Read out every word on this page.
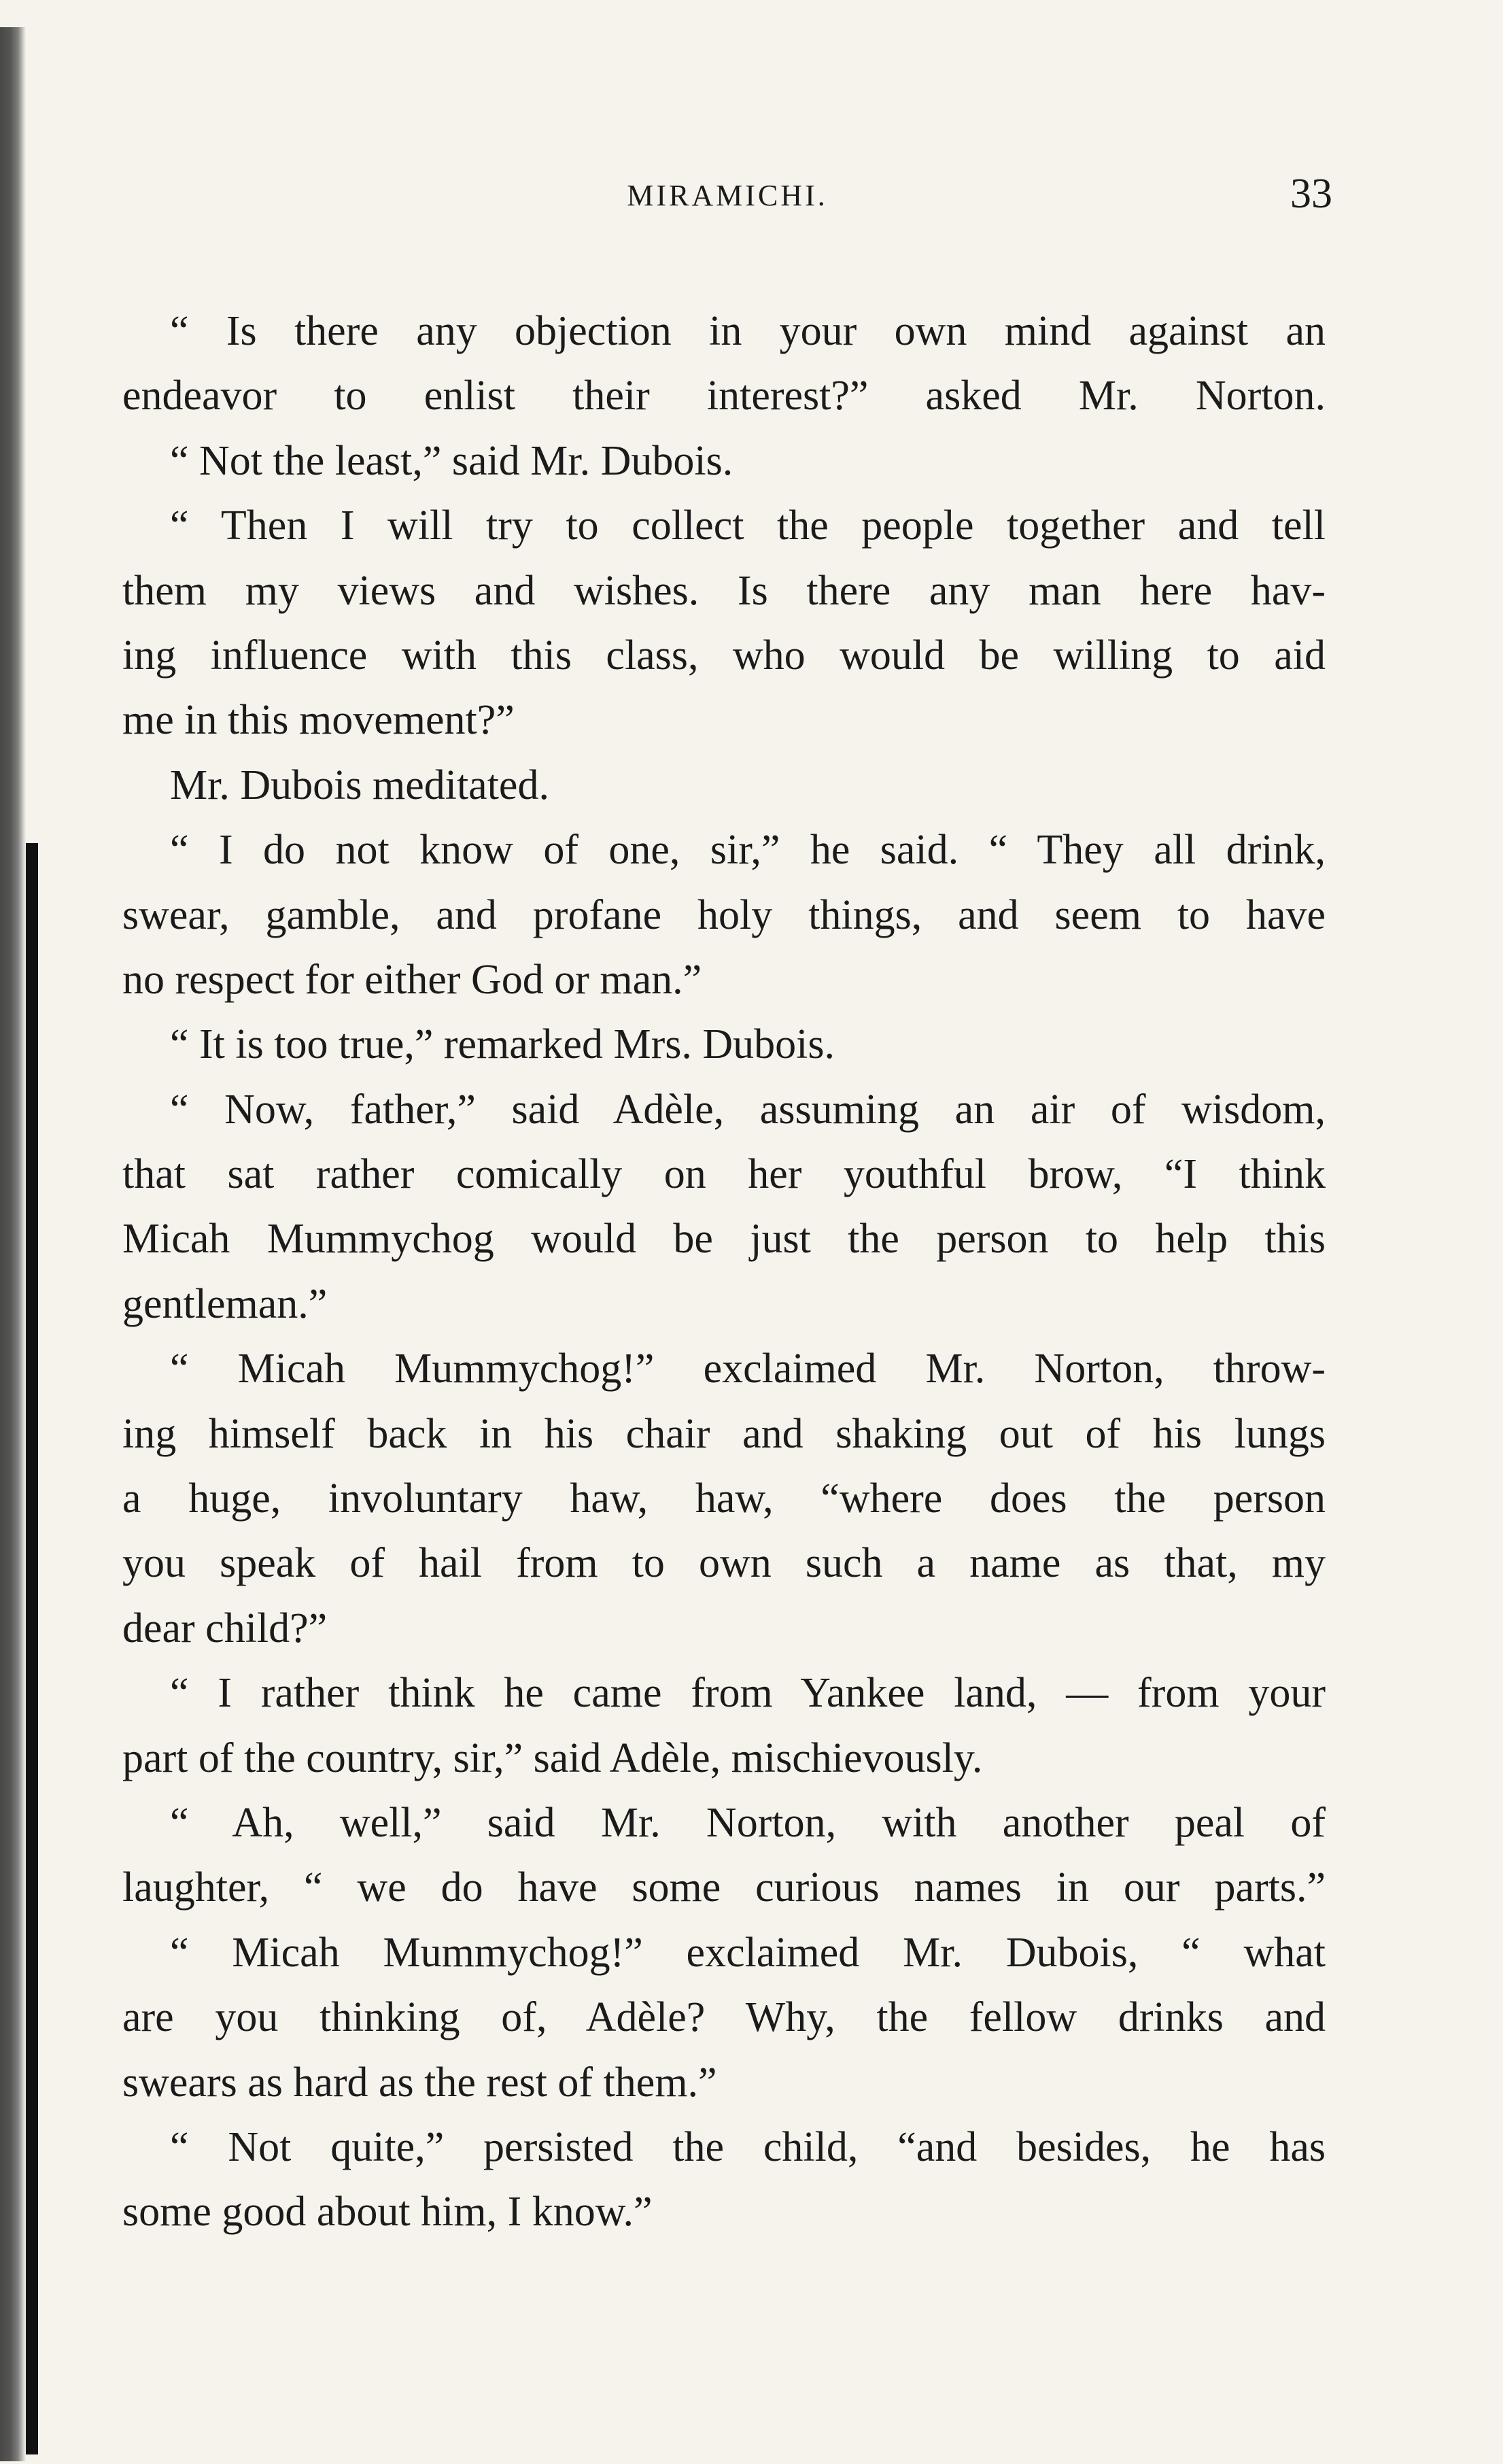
MIRAMICHI.	33
“ Is there any objection in your own mind against an
endeavor to enlist their interest?” asked Mr. Norton.
“ Not the least,” said Mr. Dubois.
“ Then I will try to collect the people together and tell
them my views and wishes. Is there any man here hav-
ing influence with this class, who would be willing to aid
me in this movement?”
Mr. Dubois meditated.
“ I do not know of one, sir,” he said. “ They all drink,
swear, gamble, and profane holy things, and seem to have
no respect for either God or man.”
“ It is too true,” remarked Mrs. Dubois.
“ Now, father,” said Adèle, assuming an air of wisdom,
that sat rather comically on her youthful brow, “I think
Micah Mummychog would be just the person to help this
gentleman.”
“ Micah Mummychog!” exclaimed Mr. Norton, throw-
ing himself back in his chair and shaking out of his lungs
a huge, involuntary haw, haw, “where does the person
you speak of hail from to own such a name as that, my
dear child?”
“ I rather think he came from Yankee land, — from your
part of the country, sir,” said Adèle, mischievously.
“ Ah, well,” said Mr. Norton, with another peal of
laughter, “ we do have some curious names in our parts.”
“ Micah Mummychog!” exclaimed Mr. Dubois, “ what
are you thinking of, Adèle? Why, the fellow drinks and
swears as hard as the rest of them.”
“ Not quite,” persisted the child, “and besides, he has
some good about him, I know.”
